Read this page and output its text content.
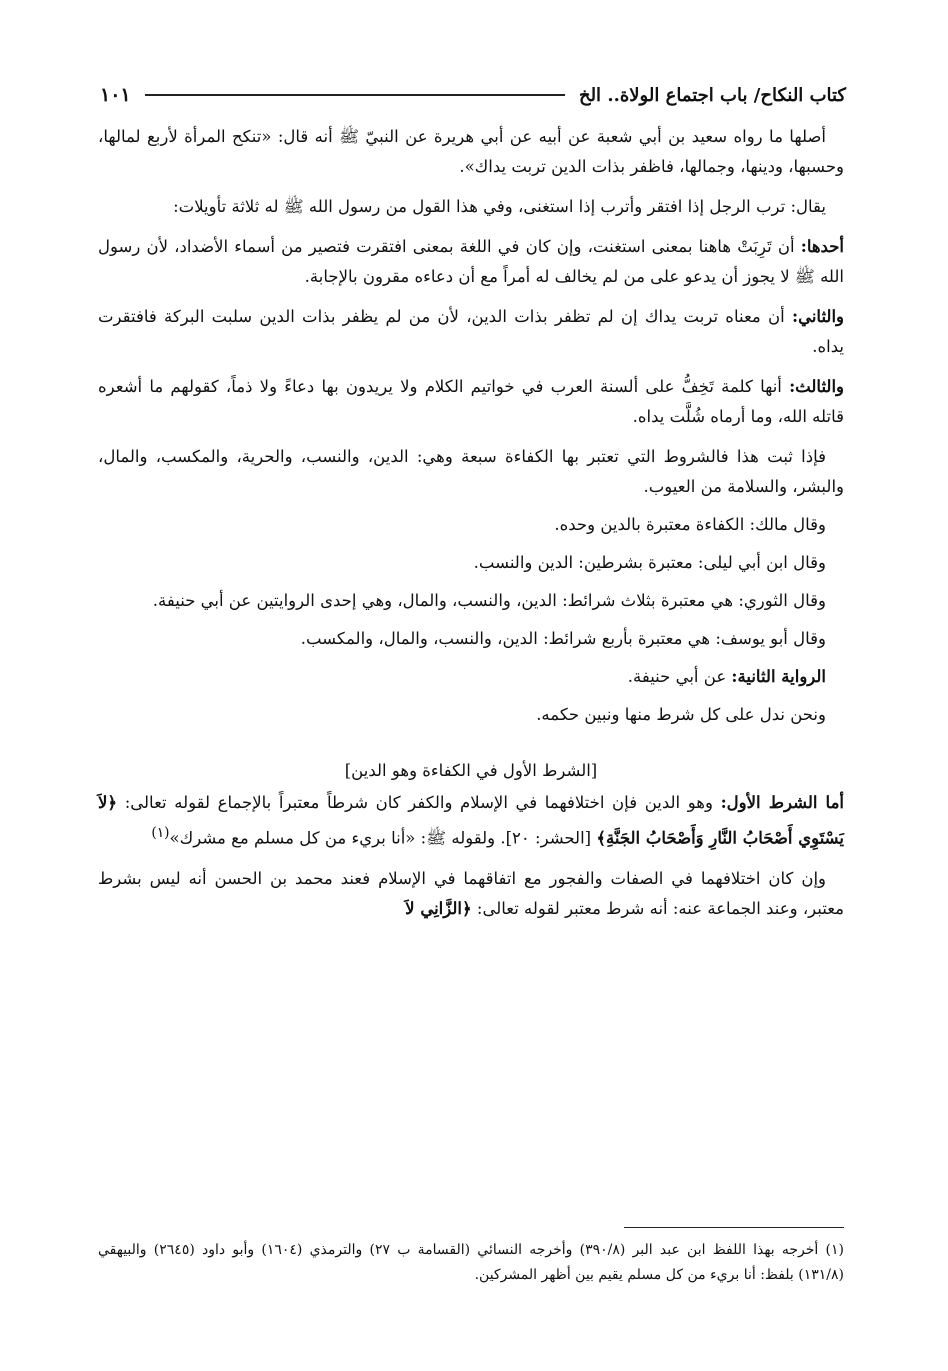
كتاب النكاح/ باب اجتماع الولاة.. الخ
١٠١

أصلها ما رواه سعيد بن أبي شعبة عن أبيه عن أبي هريرة عن النبيّ ﷺ أنه قال: «تنكح المرأة لأربع لمالها، وحسبها، ودينها، وجمالها، فاظفر بذات الدين تربت يداك».

يقال: ترب الرجل إذا افتقر وأترب إذا استغنى، وفي هذا القول من رسول الله ﷺ له ثلاثة تأويلات:

أحدها: أن تَرِبَتْ هاهنا بمعنى استغنت، وإن كان في اللغة بمعنى افتقرت فتصير من أسماء الأضداد، لأن رسول الله ﷺ لا يجوز أن يدعو على من لم يخالف له أمراً مع أن دعاءه مقرون بالإجابة.

والثاني: أن معناه تربت يداك إن لم تظفر بذات الدين، لأن من لم يظفر بذات الدين سلبت البركة فافتقرت يداه.

والثالث: أنها كلمة تَخِفُّ على ألسنة العرب في خواتيم الكلام ولا يريدون بها دعاءً ولا ذماً، كقولهم ما أشعره قاتله الله، وما أرماه شُلَّت يداه.

فإذا ثبت هذا فالشروط التي تعتبر بها الكفاءة سبعة وهي: الدين، والنسب، والحرية، والمكسب، والمال، والبشر، والسلامة من العيوب.

وقال مالك: الكفاءة معتبرة بالدين وحده.

وقال ابن أبي ليلى: معتبرة بشرطين: الدين والنسب.

وقال الثوري: هي معتبرة بثلاث شرائط: الدين، والنسب، والمال، وهي إحدى الروايتين عن أبي حنيفة.

وقال أبو يوسف: هي معتبرة بأربع شرائط: الدين، والنسب، والمال، والمكسب.

الرواية الثانية: عن أبي حنيفة.

ونحن ندل على كل شرط منها ونبين حكمه.

[الشرط الأول في الكفاءة وهو الدين]

أما الشرط الأول: وهو الدين فإن اختلافهما في الإسلام والكفر كان شرطاً معتبراً بالإجماع لقوله تعالى: ﴿لاَ يَسْتَوِي أَصْحَابُ النَّارِ وَأَصْحَابُ الجَنَّةِ﴾ [الحشر: ٢٠]. ولقوله ﷺ: «أنا بريء من كل مسلم مع مشرك»$^{(١)}$

وإن كان اختلافهما في الصفات والفجور مع اتفاقهما في الإسلام فعند محمد بن الحسن أنه ليس بشرط معتبر، وعند الجماعة عنه: أنه شرط معتبر لقوله تعالى: ﴿الزَّانِي لاَ

(١) أخرجه بهذا اللفظ ابن عبد البر (٣٩٠/٨) وأخرجه النسائي (القسامة ب ٢٧) والترمذي (١٦٠٤) وأبو داود (٢٦٤٥) والبيهقي (١٣١/٨) بلفظ: أنا بريء من كل مسلم يقيم بين أظهر المشركين.
